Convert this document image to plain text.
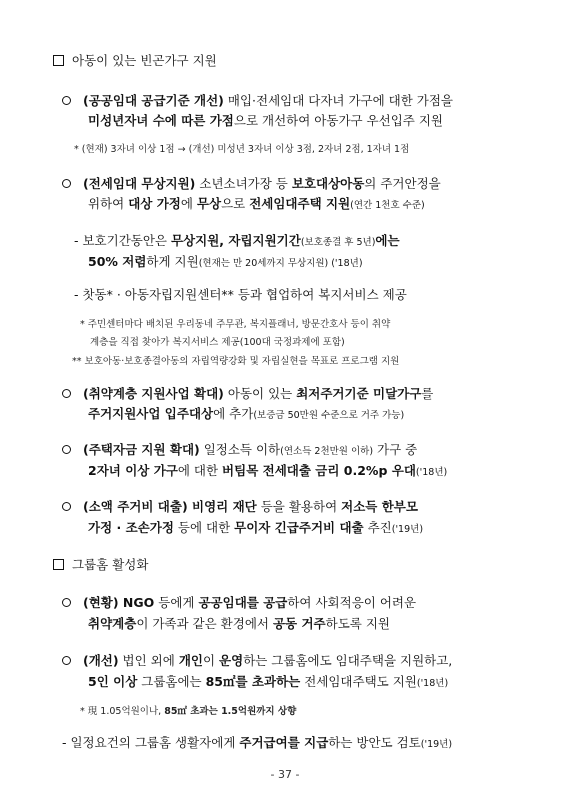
아동이 있는 빈곤가구 지원
(공공임대 공급기준 개선) 매입·전세임대 다자녀 가구에 대한 가점을
미성년자녀 수에 따른 가점으로 개선하여 아동가구 우선입주 지원
* (현재) 3자녀 이상 1점 → (개선) 미성년 3자녀 이상 3점, 2자녀 2점, 1자녀 1점
(전세임대 무상지원) 소년소녀가장 등 보호대상아동의 주거안정을
위하여 대상 가정에 무상으로 전세임대주택 지원(연간 1천호 수준)
- 보호기간동안은 무상지원, 자립지원기간(보호종결 후 5년)에는
50% 저렴하게 지원(현재는 만 20세까지 무상지원) ('18년)
- 찻동* · 아동자립지원센터** 등과 협업하여 복지서비스 제공
* 주민센터마다 배치된 우리동네 주무관, 복지플래너, 방문간호사 등이 취약
계층을 직접 찾아가 복지서비스 제공(100대 국정과제에 포함)
** 보호아동·보호종결아동의 자립역량강화 및 자립실현을 목표로 프로그램 지원
(취약계층 지원사업 확대) 아동이 있는 최저주거기준 미달가구를
주거지원사업 입주대상에 추가(보증금 50만원 수준으로 거주 가능)
(주택자금 지원 확대) 일정소득 이하(연소득 2천만원 이하) 가구 중
2자녀 이상 가구에 대한 버팀목 전세대출 금리 0.2%p 우대('18년)
(소액 주거비 대출) 비영리 재단 등을 활용하여 저소득 한부모
가정 · 조손가정 등에 대한 무이자 긴급주거비 대출 추진('19년)
그룹홈 활성화
(현황) NGO 등에게 공공임대를 공급하여 사회적응이 어려운
취약계층이 가족과 같은 환경에서 공동 거주하도록 지원
(개선) 법인 외에 개인이 운영하는 그룹홈에도 임대주택을 지원하고,
5인 이상 그룹홈에는 85㎡를 초과하는 전세임대주택도 지원('18년)
* 現 1.05억원이나, 85㎡ 초과는 1.5억원까지 상향
- 일정요건의 그룹홈 생활자에게 주거급여를 지급하는 방안도 검토('19년)
- 37 -
